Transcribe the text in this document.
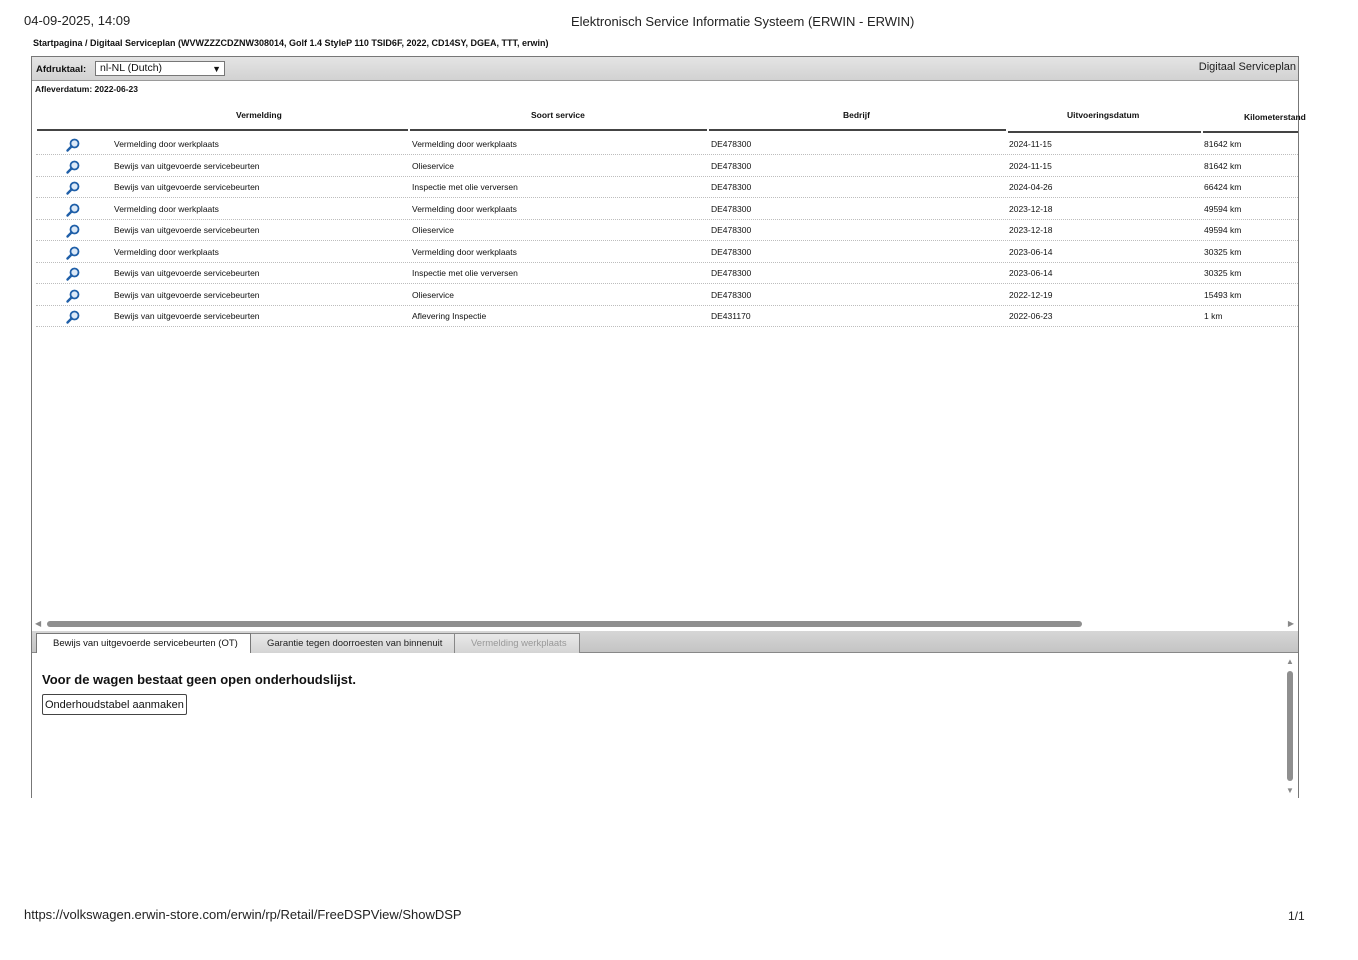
04-09-2025, 14:09	Elektronisch Service Informatie Systeem (ERWIN - ERWIN)
Startpagina / Digitaal Serviceplan (WVWZZZCDZNW308014, Golf 1.4 StyleP 110 TSID6F, 2022, CD14SY, DGEA, TTT, erwin)
Afdruktaal:	nl-NL (Dutch)	▼	Digitaal Serviceplan
Afleverdatum: 2022-06-23
Vermelding	Soort service	Bedrijf	Uitvoeringsdatum	Kilometerstand
Vermelding door werkplaats	Vermelding door werkplaats	DE478300	2024-11-15	81642 km
Bewijs van uitgevoerde servicebeurten	Olieservice	DE478300	2024-11-15	81642 km
Bewijs van uitgevoerde servicebeurten	Inspectie met olie verversen	DE478300	2024-04-26	66424 km
Vermelding door werkplaats	Vermelding door werkplaats	DE478300	2023-12-18	49594 km
Bewijs van uitgevoerde servicebeurten	Olieservice	DE478300	2023-12-18	49594 km
Vermelding door werkplaats	Vermelding door werkplaats	DE478300	2023-06-14	30325 km
Bewijs van uitgevoerde servicebeurten	Inspectie met olie verversen	DE478300	2023-06-14	30325 km
Bewijs van uitgevoerde servicebeurten	Olieservice	DE478300	2022-12-19	15493 km
Bewijs van uitgevoerde servicebeurten	Aflevering Inspectie	DE431170	2022-06-23	1 km
◀	▶
Bewijs van uitgevoerde servicebeurten (OT)	Garantie tegen doorroesten van binnenuit	Vermelding werkplaats
Voor de wagen bestaat geen open onderhoudslijst.
Onderhoudstabel aanmaken
▲
▼
https://volkswagen.erwin-store.com/erwin/rp/Retail/FreeDSPView/ShowDSP	1/1
